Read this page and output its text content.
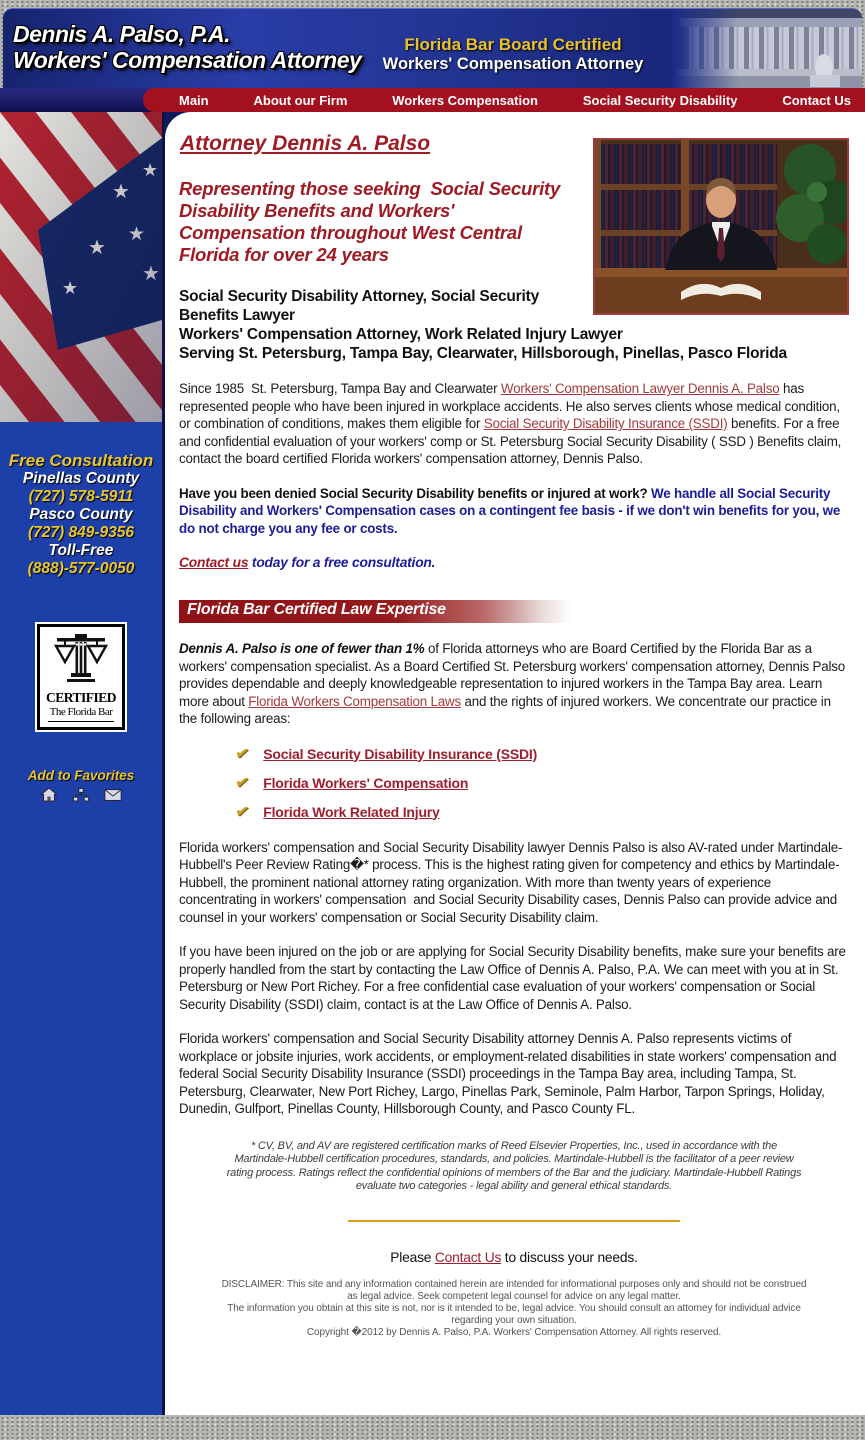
Dennis A. Palso, P.A.
Workers' Compensation Attorney
Florida Bar Board Certified
Workers' Compensation Attorney
Main	About our Firm	Workers Compensation	Social Security Disability	Contact Us
Free Consultation
Pinellas County
(727) 578-5911
Pasco County
(727) 849-9356
Toll-Free
(888)-577-0050
CERTIFIED
The Florida Bar
Add to Favorites
Attorney Dennis A. Palso
Representing those seeking  Social Security Disability Benefits and Workers' Compensation throughout West Central Florida for over 24 years
Social Security Disability Attorney, Social Security Benefits Lawyer
Workers' Compensation Attorney, Work Related Injury Lawyer
Serving St. Petersburg, Tampa Bay, Clearwater, Hillsborough, Pinellas, Pasco Florida

Since 1985  St. Petersburg, Tampa Bay and Clearwater Workers' Compensation Lawyer Dennis A. Palso has represented people who have been injured in workplace accidents. He also serves clients whose medical condition, or combination of conditions, makes them eligible for Social Security Disability Insurance (SSDI) benefits. For a free and confidential evaluation of your workers' comp or St. Petersburg Social Security Disability ( SSD ) Benefits claim, contact the board certified Florida workers' compensation attorney, Dennis Palso.

Have you been denied Social Security Disability benefits or injured at work? We handle all Social Security Disability and Workers' Compensation cases on a contingent fee basis - if we don't win benefits for you, we do not charge you any fee or costs.

Contact us today for a free consultation.
Florida Bar Certified Law Expertise

Dennis A. Palso is one of fewer than 1% of Florida attorneys who are Board Certified by the Florida Bar as a workers' compensation specialist. As a Board Certified St. Petersburg workers' compensation attorney, Dennis Palso provides dependable and deeply knowledgeable representation to injured workers in the Tampa Bay area. Learn more about Florida Workers Compensation Laws and the rights of injured workers. We concentrate our practice in the following areas:

✔ Social Security Disability Insurance (SSDI)
✔ Florida Workers' Compensation
✔ Florida Work Related Injury

Florida workers' compensation and Social Security Disability lawyer Dennis Palso is also AV-rated under Martindale-Hubbell's Peer Review Rating�* process. This is the highest rating given for competency and ethics by Martindale-Hubbell, the prominent national attorney rating organization. With more than twenty years of experience concentrating in workers' compensation  and Social Security Disability cases, Dennis Palso can provide advice and counsel in your workers' compensation or Social Security Disability claim.

If you have been injured on the job or are applying for Social Security Disability benefits, make sure your benefits are properly handled from the start by contacting the Law Office of Dennis A. Palso, P.A. We can meet with you at in St. Petersburg or New Port Richey. For a free confidential case evaluation of your workers' compensation or Social Security Disability (SSDI) claim, contact is at the Law Office of Dennis A. Palso.

Florida workers' compensation and Social Security Disability attorney Dennis A. Palso represents victims of workplace or jobsite injuries, work accidents, or employment-related disabilities in state workers' compensation and federal Social Security Disability Insurance (SSDI) proceedings in the Tampa Bay area, including Tampa, St. Petersburg, Clearwater, New Port Richey, Largo, Pinellas Park, Seminole, Palm Harbor, Tarpon Springs, Holiday, Dunedin, Gulfport, Pinellas County, Hillsborough County, and Pasco County FL.

* CV, BV, and AV are registered certification marks of Reed Elsevier Properties, Inc., used in accordance with the Martindale-Hubbell certification procedures, standards, and policies. Martindale-Hubbell is the facilitator of a peer review rating process. Ratings reflect the confidential opinions of members of the Bar and the judiciary. Martindale-Hubbell Ratings evaluate two categories - legal ability and general ethical standards.
Please Contact Us to discuss your needs.
DISCLAIMER: This site and any information contained herein are intended for informational purposes only and should not be construed as legal advice. Seek competent legal counsel for advice on any legal matter.
The information you obtain at this site is not, nor is it intended to be, legal advice. You should consult an attorney for individual advice regarding your own situation.
Copyright �2012 by Dennis A. Palso, P.A. Workers' Compensation Attorney. All rights reserved.
